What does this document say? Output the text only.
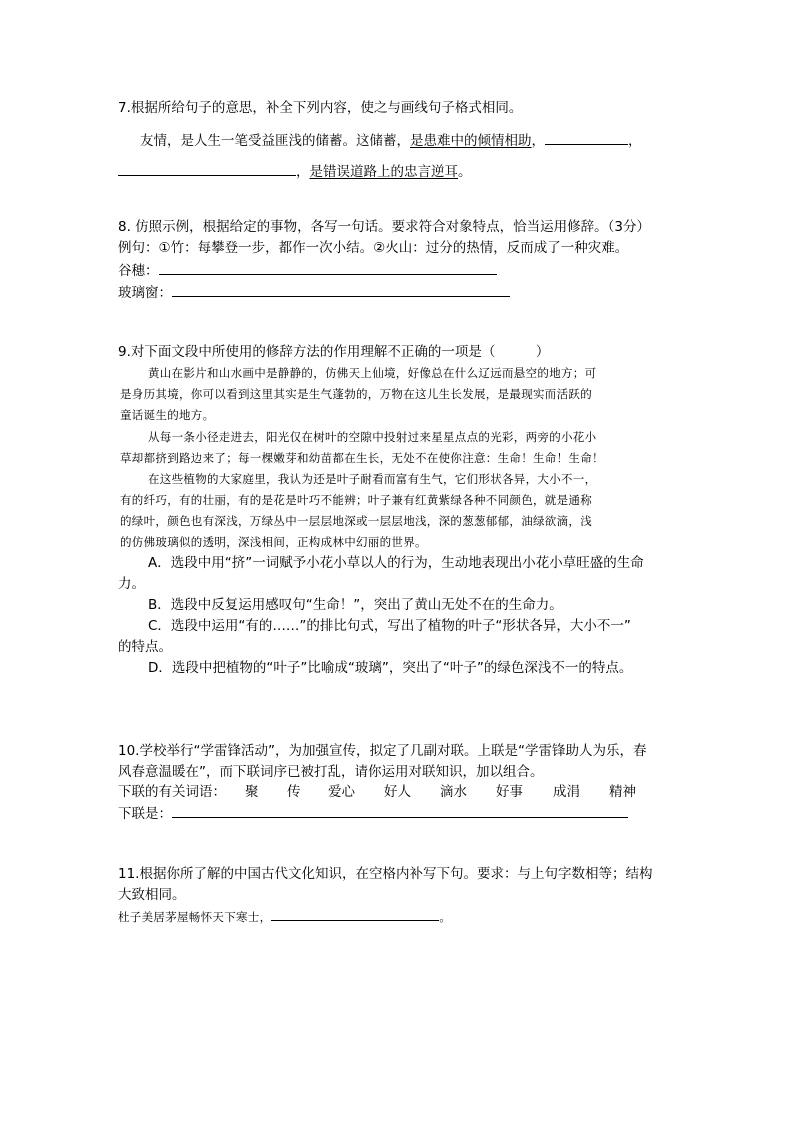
7.根据所给句子的意思，补全下列内容，使之与画线句子格式相同。
友情，是人生一笔受益匪浅的储蓄。这储蓄，是患难中的倾情相助，	，
，是错误道路上的忠言逆耳。
8. 仿照示例，根据给定的事物，各写一句话。要求符合对象特点，恰当运用修辞。（3分）
例句：①竹：每攀登一步，都作一次小结。②火山：过分的热情，反而成了一种灾难。
谷穗：
玻璃窗：
9.对下面文段中所使用的修辞方法的作用理解不正确的一项是（　　　）
黄山在影片和山水画中是静静的，仿佛天上仙境，好像总在什么辽远而悬空的地方；可
是身历其境，你可以看到这里其实是生气蓬勃的，万物在这儿生长发展，是最现实而活跃的
童话诞生的地方。
从每一条小径走进去，阳光仅在树叶的空隙中投射过来星星点点的光彩，两旁的小花小
草却都挤到路边来了；每一棵嫩芽和幼苗都在生长，无处不在使你注意：生命！生命！生命！
在这些植物的大家庭里，我认为还是叶子耐看而富有生气，它们形状各异，大小不一，
有的纤巧，有的壮丽，有的是花是叶巧不能辨；叶子兼有红黄紫绿各种不同颜色，就是通称
的绿叶，颜色也有深浅，万绿丛中一层层地深或一层层地浅，深的葱葱郁郁，油绿欲滴，浅
的仿佛玻璃似的透明，深浅相间，正构成林中幻丽的世界。
A．选段中用“挤”一词赋予小花小草以人的行为，生动地表现出小花小草旺盛的生命
力。
B．选段中反复运用感叹句“生命！”，突出了黄山无处不在的生命力。
C．选段中运用“有的……”的排比句式，写出了植物的叶子“形状各异，大小不一”
的特点。
D．选段中把植物的“叶子”比喻成“玻璃”，突出了“叶子”的绿色深浅不一的特点。
10.学校举行“学雷锋活动”，为加强宣传，拟定了几副对联。上联是“学雷锋助人为乐，春
风春意温暖在”，而下联词序已被打乱，请你运用对联知识，加以组合。
下联的有关词语： 聚 传 爱心 好人 滴水 好事 成涓 精神
下联是：
11.根据你所了解的中国古代文化知识，在空格内补写下句。要求：与上句字数相等；结构
大致相同。
杜子美居茅屋畅怀天下寒士，	。
